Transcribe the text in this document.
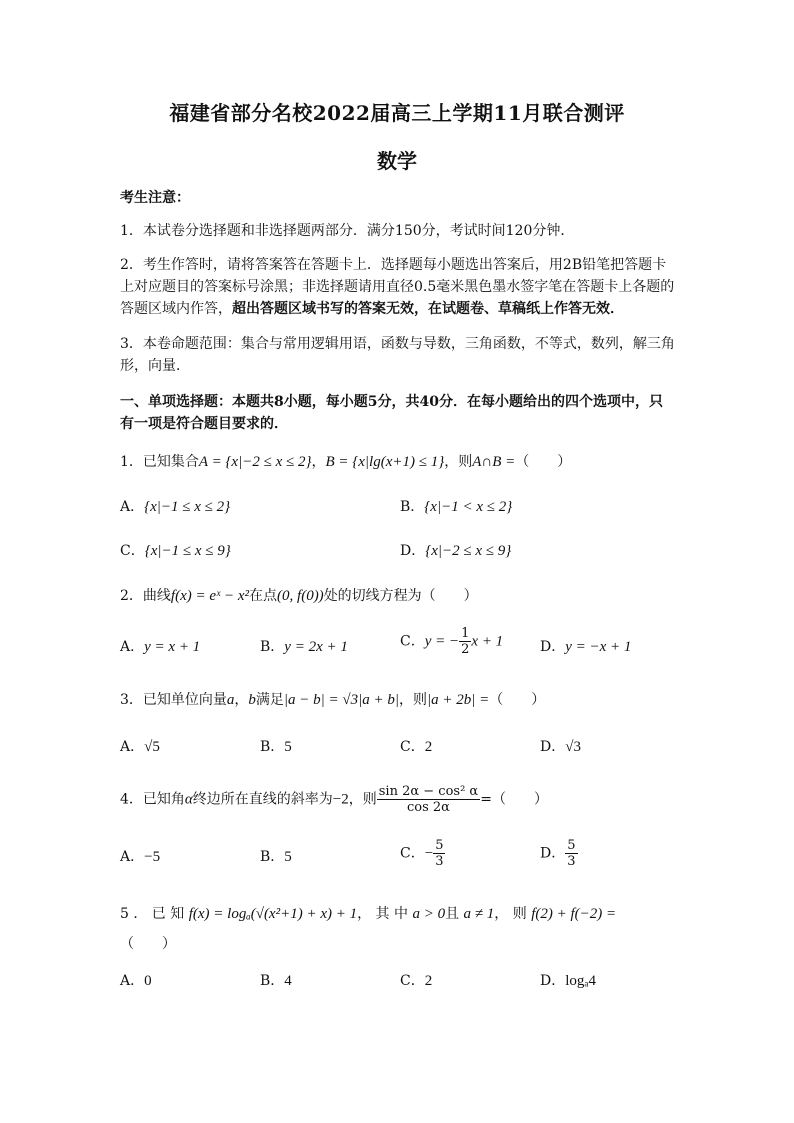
福建省部分名校2022届高三上学期11月联合测评
数学
考生注意：
1．本试卷分选择题和非选择题两部分．满分150分，考试时间120分钟．
2．考生作答时，请将答案答在答题卡上．选择题每小题选出答案后，用2B铅笔把答题卡
上对应题目的答案标号涂黑；非选择题请用直径0.5毫米黑色墨水签字笔在答题卡上各题的
答题区域内作答，超出答题区域书写的答案无效，在试题卷、草稿纸上作答无效．
3．本卷命题范围：集合与常用逻辑用语，函数与导数，三角函数，不等式，数列，解三角
形，向量．
一、单项选择题：本题共8小题，每小题5分，共40分．在每小题给出的四个选项中，只
有一项是符合题目要求的．
1．已知集合A = {x|−2 ≤ x ≤ 2}，B = {x|lg(x+1) ≤ 1}，则A∩B =（　　）
A．{x|−1 ≤ x ≤ 2}	B．{x|−1 < x ≤ 2}
C．{x|−1 ≤ x ≤ 9}	D．{x|−2 ≤ x ≤ 9}
2．曲线f(x) = eˣ − x²在点(0, f(0))处的切线方程为（　　）
A．y = x + 1	B．y = 2x + 1	C．y = − $\frac{1}{2}$ x + 1	D．y = −x + 1
3．已知单位向量a，b满足|a − b| = √3|a + b|，则|a + 2b| =（　　）
A．√5	B．5	C．2	D．√3
4．已知角α终边所在直线的斜率为−2，则 $\frac{\text{sin 2α − cos² α}}{\cos 2\alpha}$ =（　　）
A．−5	B．5	C．− $\frac{5}{3}$	D． $\frac{5}{3}$
5 ． 已 知 f(x) = logₐ(√(x²+1) + x) + 1， 其 中 a > 0且 a ≠ 1， 则 f(2) + f(−2) =
（　　）
A．0	B．4	C．2	D．logₐ4
